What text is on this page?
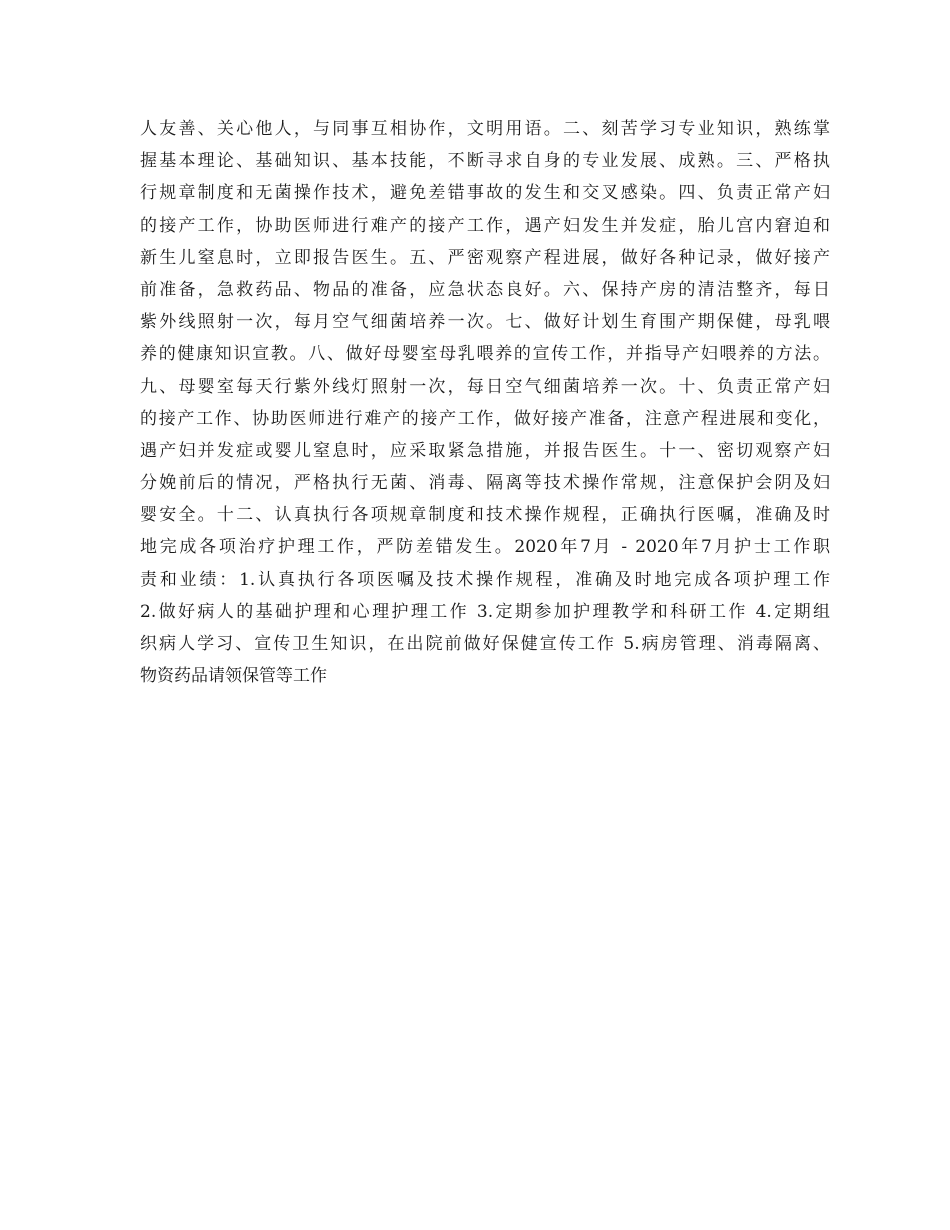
人友善、关心他人，与同事互相协作，文明用语。二、刻苦学习专业知识，熟练掌
握基本理论、基础知识、基本技能，不断寻求自身的专业发展、成熟。三、严格执
行规章制度和无菌操作技术，避免差错事故的发生和交叉感染。四、负责正常产妇
的接产工作，协助医师进行难产的接产工作，遇产妇发生并发症，胎儿宫内窘迫和
新生儿窒息时，立即报告医生。五、严密观察产程进展，做好各种记录，做好接产
前准备，急救药品、物品的准备，应急状态良好。六、保持产房的清洁整齐，每日
紫外线照射一次，每月空气细菌培养一次。七、做好计划生育围产期保健，母乳喂
养的健康知识宣教。八、做好母婴室母乳喂养的宣传工作，并指导产妇喂养的方法。
九、母婴室每天行紫外线灯照射一次，每日空气细菌培养一次。十、负责正常产妇
的接产工作、协助医师进行难产的接产工作，做好接产准备，注意产程进展和变化，
遇产妇并发症或婴儿窒息时，应采取紧急措施，并报告医生。十一、密切观察产妇
分娩前后的情况，严格执行无菌、消毒、隔离等技术操作常规，注意保护会阴及妇
婴安全。十二、认真执行各项规章制度和技术操作规程，正确执行医嘱，准确及时
地完成各项治疗护理工作，严防差错发生。2020年7月 - 2020年7月护士工作职
责和业绩：1.认真执行各项医嘱及技术操作规程，准确及时地完成各项护理工作
2.做好病人的基础护理和心理护理工作 3.定期参加护理教学和科研工作 4.定期组
织病人学习、宣传卫生知识，在出院前做好保健宣传工作 5.病房管理、消毒隔离、
物资药品请领保管等工作
